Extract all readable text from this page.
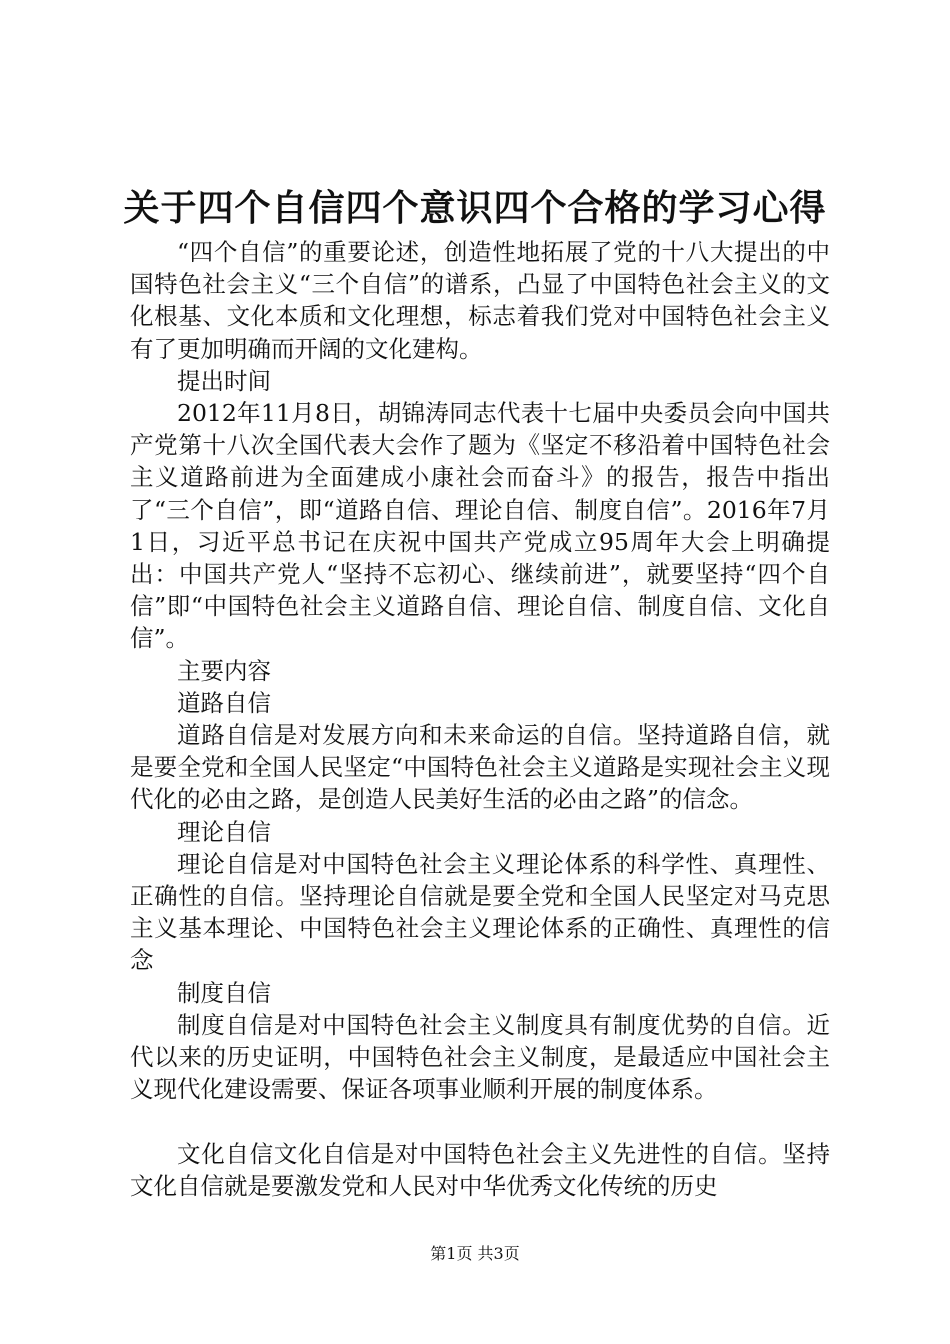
关于四个自信四个意识四个合格的学习心得

“四个自信”的重要论述，创造性地拓展了党的十八大提出的中国特色社会主义“三个自信”的谱系，凸显了中国特色社会主义的文化根基、文化本质和文化理想，标志着我们党对中国特色社会主义有了更加明确而开阔的文化建构。

提出时间

2012年11月8日，胡锦涛同志代表十七届中央委员会向中国共产党第十八次全国代表大会作了题为《坚定不移沿着中国特色社会主义道路前进为全面建成小康社会而奋斗》的报告，报告中指出了“三个自信”，即“道路自信、理论自信、制度自信”。2016年7月1日，习近平总书记在庆祝中国共产党成立95周年大会上明确提出：中国共产党人“坚持不忘初心、继续前进”，就要坚持“四个自信”即“中国特色社会主义道路自信、理论自信、制度自信、文化自信”。

主要内容

道路自信

道路自信是对发展方向和未来命运的自信。坚持道路自信，就是要全党和全国人民坚定“中国特色社会主义道路是实现社会主义现代化的必由之路，是创造人民美好生活的必由之路”的信念。

理论自信

理论自信是对中国特色社会主义理论体系的科学性、真理性、正确性的自信。坚持理论自信就是要全党和全国人民坚定对马克思主义基本理论、中国特色社会主义理论体系的正确性、真理性的信念

制度自信

制度自信是对中国特色社会主义制度具有制度优势的自信。近代以来的历史证明，中国特色社会主义制度，是最适应中国社会主义现代化建设需要、保证各项事业顺利开展的制度体系。

文化自信文化自信是对中国特色社会主义先进性的自信。坚持文化自信就是要激发党和人民对中华优秀文化传统的历史

第1页 共3页
